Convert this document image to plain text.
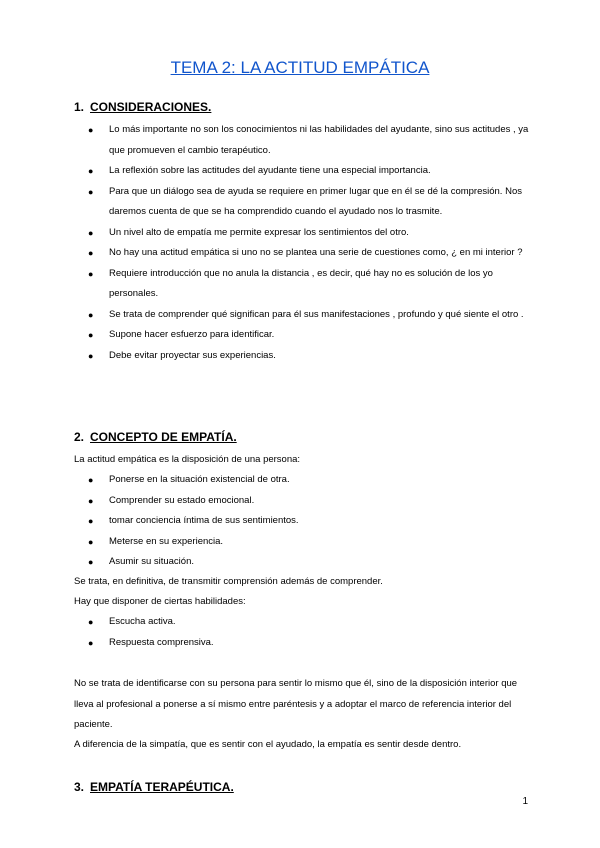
TEMA 2: LA ACTITUD EMPÁTICA
1. CONSIDERACIONES.
● Lo más importante no son los conocimientos ni las habilidades del ayudante, sino sus actitudes , ya que promueven el cambio terapéutico.
● La reflexión sobre las actitudes del ayudante tiene una especial importancia.
● Para que un diálogo sea de ayuda se requiere en primer lugar que en él se dé la compresión. Nos daremos cuenta de que se ha comprendido cuando el ayudado nos lo trasmite.
● Un nivel alto de empatía me permite expresar los sentimientos del otro.
● No hay una actitud empática si uno no se plantea una serie de cuestiones como, ¿ en mi interior ?
● Requiere introducción que no anula la distancia , es decir, qué hay no es solución de los yo personales.
● Se trata de comprender qué significan para él sus manifestaciones , profundo y qué siente el otro .
● Supone hacer esfuerzo para identificar.
● Debe evitar proyectar sus experiencias.
2. CONCEPTO DE EMPATÍA.

La actitud empática es la disposición de una persona:

● Ponerse en la situación existencial de otra.
● Comprender su estado emocional.
● tomar conciencia íntima de sus sentimientos.
● Meterse en su experiencia.
● Asumir su situación.

Se trata, en definitiva, de transmitir comprensión además de comprender.

Hay que disponer de ciertas habilidades:

● Escucha activa.
● Respuesta comprensiva.

No se trata de identificarse con su persona para sentir lo mismo que él, sino de la disposición interior que lleva al profesional a ponerse a sí mismo entre paréntesis y a adoptar el marco de referencia interior del paciente.

A diferencia de la simpatía, que es sentir con el ayudado, la empatía es sentir desde dentro.

3. EMPATÍA TERAPÉUTICA.
1
